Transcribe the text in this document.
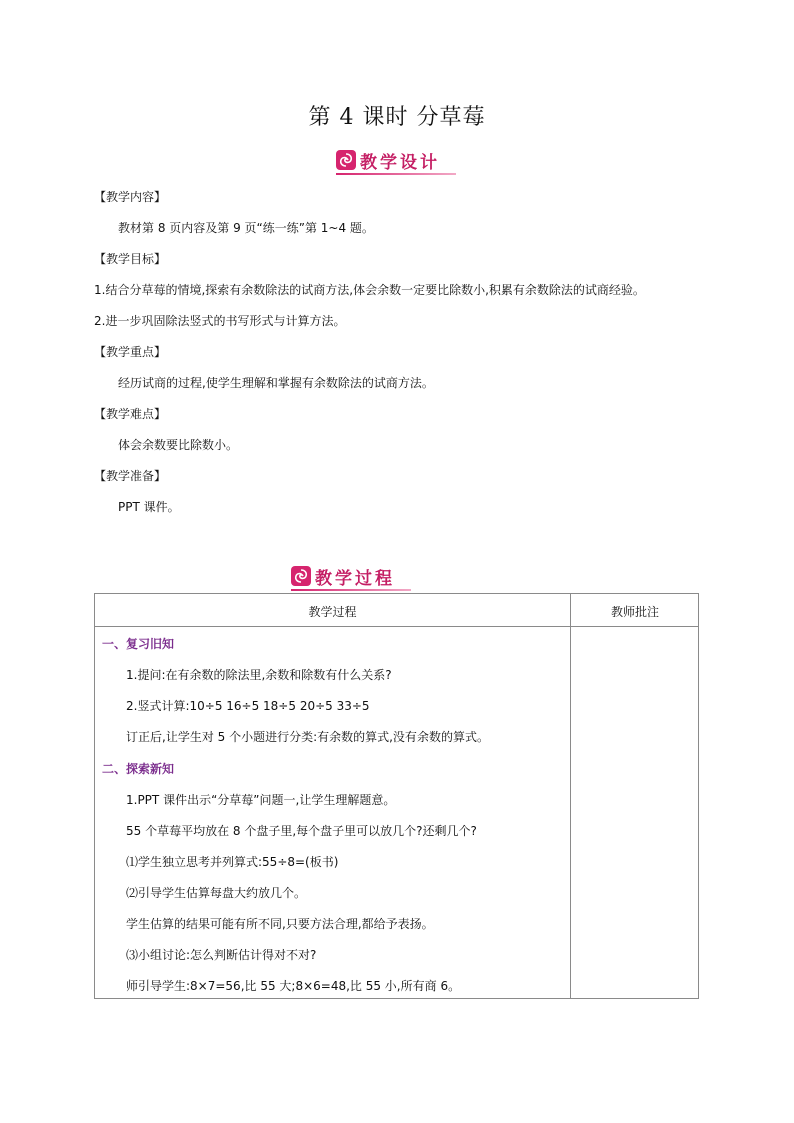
第 4 课时 分草莓
教学设计
【教学内容】
教材第 8 页内容及第 9 页“练一练”第 1~4 题。
【教学目标】
1.结合分草莓的情境,探索有余数除法的试商方法,体会余数一定要比除数小,积累有余数除法的试商经验。
2.进一步巩固除法竖式的书写形式与计算方法。
【教学重点】
经历试商的过程,使学生理解和掌握有余数除法的试商方法。
【教学难点】
体会余数要比除数小。
【教学准备】
PPT 课件。
教学过程
教学过程	教师批注
一、复习旧知
1.提问:在有余数的除法里,余数和除数有什么关系?
2.竖式计算:10÷5 16÷5 18÷5 20÷5 33÷5
订正后,让学生对 5 个小题进行分类:有余数的算式,没有余数的算式。
二、探索新知
1.PPT 课件出示“分草莓”问题一,让学生理解题意。
55 个草莓平均放在 8 个盘子里,每个盘子里可以放几个?还剩几个?
⑴学生独立思考并列算式:55÷8=(板书)
⑵引导学生估算每盘大约放几个。
学生估算的结果可能有所不同,只要方法合理,都给予表扬。
⑶小组讨论:怎么判断估计得对不对?
师引导学生:8×7=56,比 55 大;8×6=48,比 55 小,所有商 6。
